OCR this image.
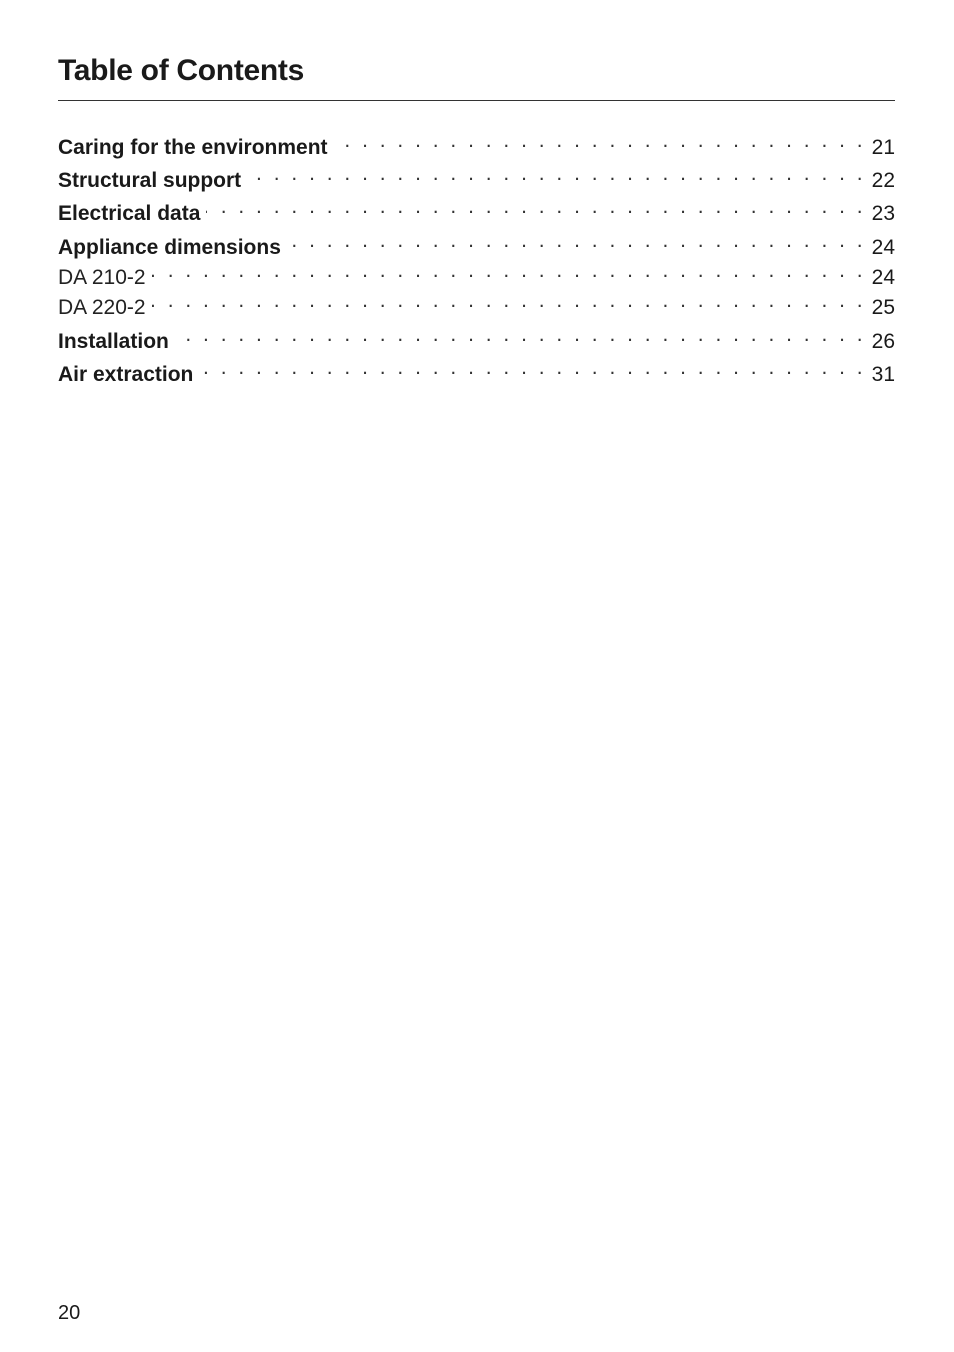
Table of Contents
Caring for the environment . . .	21
Structural support . . .	22
Electrical data . . .	23
Appliance dimensions . . .	24
DA 210-2 . . .	24
DA 220-2 . . .	25
Installation . . .	26
Air extraction . . .	31
20
